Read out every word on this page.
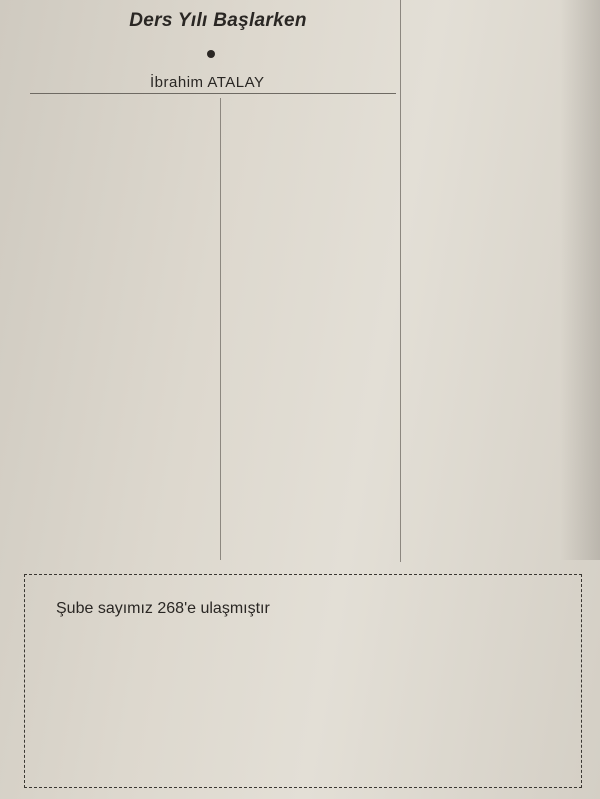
Ders Yılı Başlarken
İbrahim ATALAY
Şube sayımız 268'e ulaşmıştır
